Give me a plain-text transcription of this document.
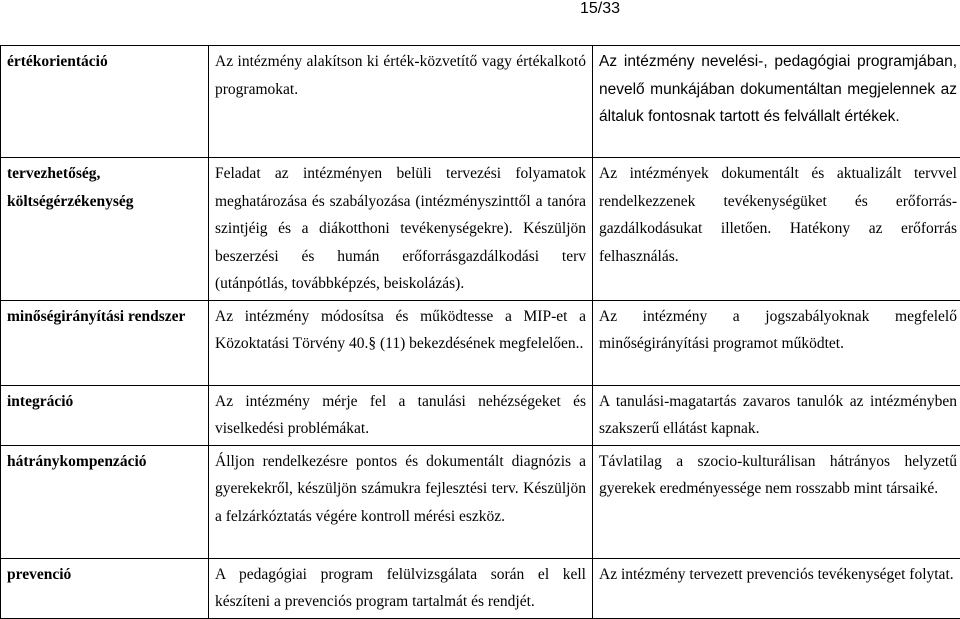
15/33
értékorientáció	Az intézmény alakítson ki érték-közvetítő vagy értékalkotó programokat.	Az intézmény nevelési-, pedagógiai programjában, nevelő munkájában dokumentáltan megjelennek az általuk fontosnak tartott és felvállalt értékek.
tervezhetőség, költségérzékenység	Feladat az intézményen belüli tervezési folyamatok meghatározása és szabályozása (intézményszinttől a tanóra szintjéig és a diákotthoni tevékenységekre). Készüljön beszerzési és humán erőforrásgazdálkodási terv (utánpótlás, továbbképzés, beiskolázás).	Az intézmények dokumentált és aktualizált tervvel rendelkezzenek tevékenységüket és erőforrás-gazdálkodásukat illetően. Hatékony az erőforrás felhasználás.
minőségirányítási rendszer	Az intézmény módosítsa és működtesse a MIP-et a Közoktatási Törvény 40.§ (11) bekezdésének megfelelően..	Az intézmény a jogszabályoknak megfelelő minőségirányítási programot működtet.
integráció	Az intézmény mérje fel a tanulási nehézségeket és viselkedési problémákat.	A tanulási-magatartás zavaros tanulók az intézményben szakszerű ellátást kapnak.
hátránykompenzáció	Álljon rendelkezésre pontos és dokumentált diagnózis a gyerekekről, készüljön számukra fejlesztési terv. Készüljön a felzárkóztatás végére kontroll mérési eszköz.	Távlatilag a szocio-kulturálisan hátrányos helyzetű gyerekek eredményessége nem rosszabb mint társaiké.
prevenció	A pedagógiai program felülvizsgálata során el kell készíteni a prevenciós program tartalmát és rendjét.	Az intézmény tervezett prevenciós tevékenységet folytat.
